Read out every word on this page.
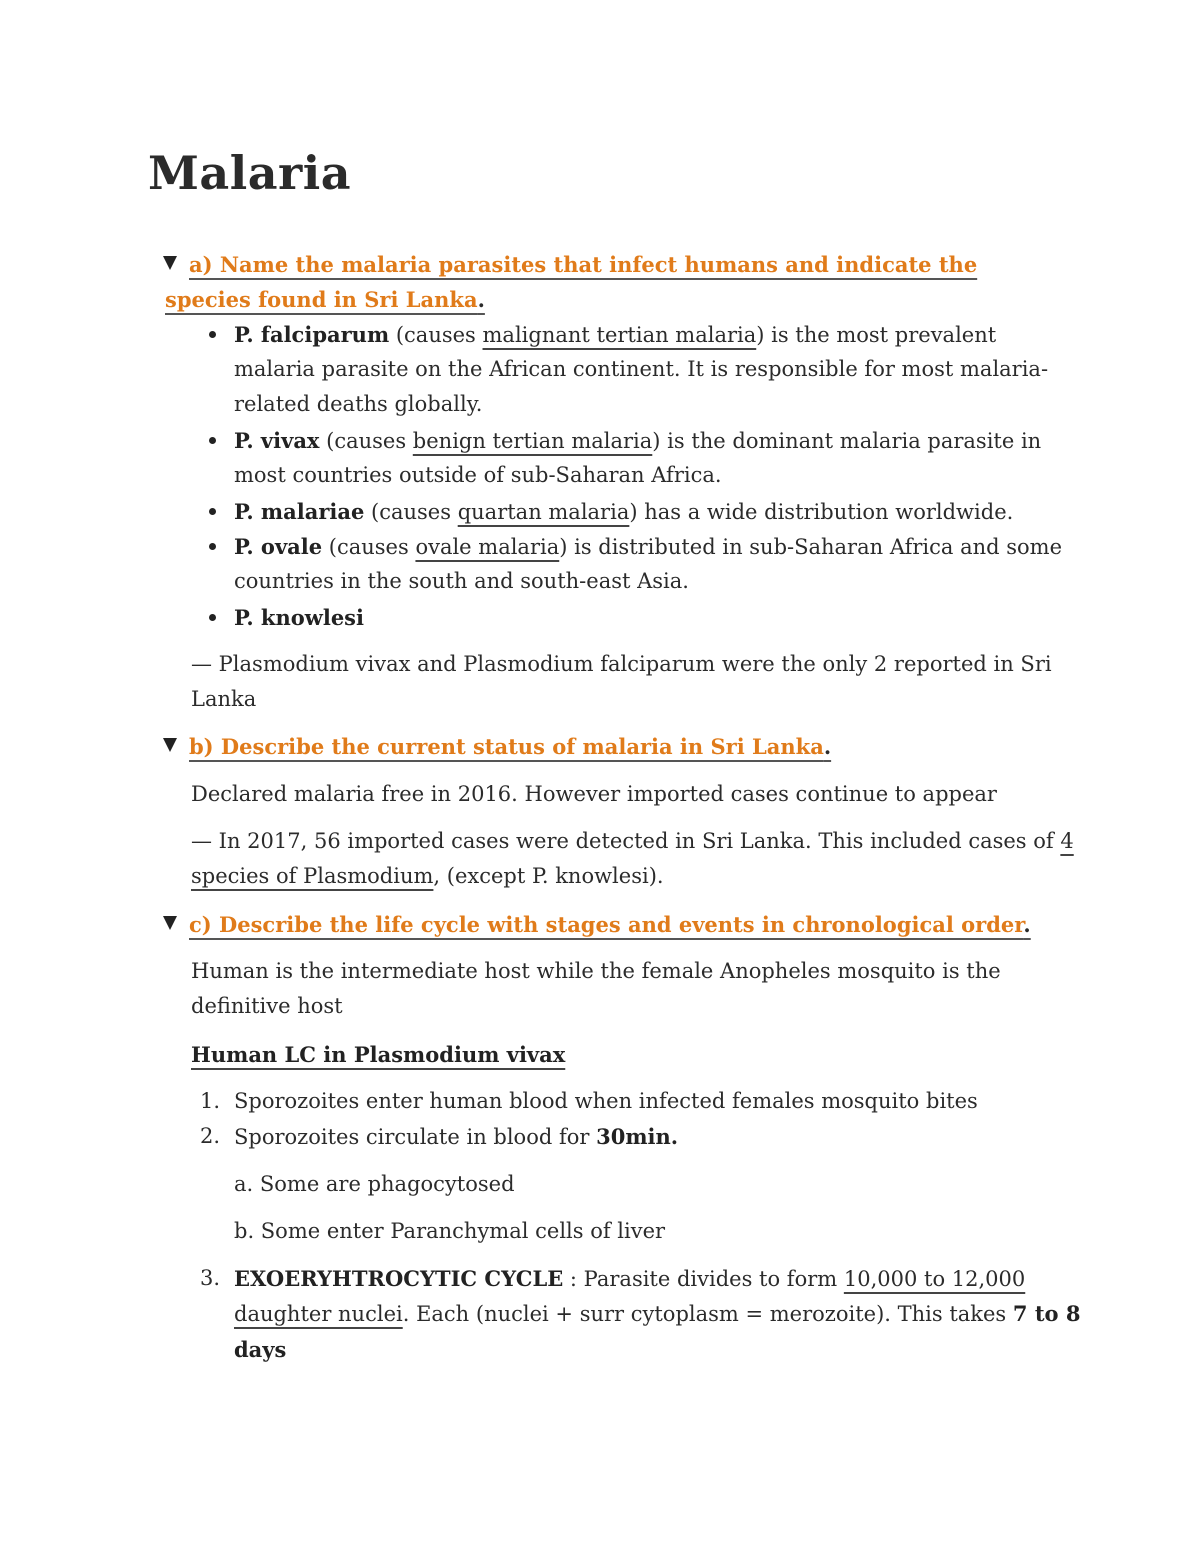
Malaria
a) Name the malaria parasites that infect humans and indicate the
species found in Sri Lanka.
P. falciparum (causes malignant tertian malaria) is the most prevalent
malaria parasite on the African continent. It is responsible for most malaria-
related deaths globally.
P. vivax (causes benign tertian malaria) is the dominant malaria parasite in
most countries outside of sub-Saharan Africa.
P. malariae (causes quartan malaria) has a wide distribution worldwide.
P. ovale (causes ovale malaria) is distributed in sub-Saharan Africa and some
countries in the south and south-east Asia.
P. knowlesi
— Plasmodium vivax and Plasmodium falciparum were the only 2 reported in Sri
Lanka
b) Describe the current status of malaria in Sri Lanka.
Declared malaria free in 2016. However imported cases continue to appear
— In 2017, 56 imported cases were detected in Sri Lanka. This included cases of 4
species of Plasmodium, (except P. knowlesi).
c) Describe the life cycle with stages and events in chronological order.
Human is the intermediate host while the female Anopheles mosquito is the
definitive host
Human LC in Plasmodium vivax
1. Sporozoites enter human blood when infected females mosquito bites
2. Sporozoites circulate in blood for 30min.
a. Some are phagocytosed
b. Some enter Paranchymal cells of liver
3. EXOERYHTROCYTIC CYCLE : Parasite divides to form 10,000 to 12,000
daughter nuclei. Each (nuclei + surr cytoplasm = merozoite). This takes 7 to 8
days
